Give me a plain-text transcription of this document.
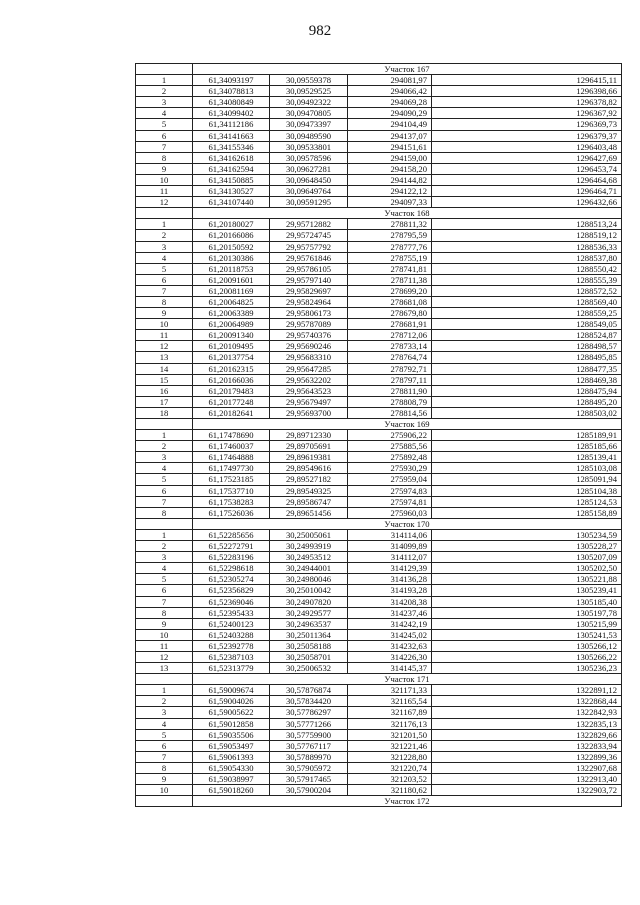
982
	Участок 167			
1	61,34093197	30,09559378	294081,97	1296415,11
2	61,34078813	30,09529525	294066,42	1296398,66
3	61,34080849	30,09492322	294069,28	1296378,82
4	61,34099402	30,09470805	294090,29	1296367,92
5	61,34112186	30,09473397	294104,49	1296369,73
6	61,34141663	30,09489590	294137,07	1296379,37
7	61,34155346	30,09533801	294151,61	1296403,48
8	61,34162618	30,09578596	294159,00	1296427,69
9	61,34162594	30,09627281	294158,20	1296453,74
10	61,34150885	30,09648450	294144,82	1296464,68
11	61,34130527	30,09649764	294122,12	1296464,71
12	61,34107440	30,09591295	294097,33	1296432,66
	Участок 168			
1	61,20180027	29,95712882	278811,32	1288513,24
2	61,20166086	29,95724745	278795,59	1288519,12
3	61,20150592	29,95757792	278777,76	1288536,33
4	61,20130386	29,95761846	278755,19	1288537,80
5	61,20118753	29,95786105	278741,81	1288550,42
6	61,20091601	29,95797140	278711,38	1288555,39
7	61,20081169	29,95829697	278699,20	1288572,52
8	61,20064825	29,95824964	278681,08	1288569,40
9	61,20063389	29,95806173	278679,80	1288559,25
10	61,20064989	29,95787089	278681,91	1288549,05
11	61,20091340	29,95740376	278712,06	1288524,87
12	61,20109495	29,95690246	278733,14	1288498,57
13	61,20137754	29,95683310	278764,74	1288495,85
14	61,20162315	29,95647285	278792,71	1288477,35
15	61,20166036	29,95632202	278797,11	1288469,38
16	61,20179483	29,95643523	278811,90	1288475,94
17	61,20177248	29,95679497	278808,79	1288495,20
18	61,20182641	29,95693700	278814,56	1288503,02
	Участок 169			
1	61,17478690	29,89712330	275906,22	1285189,91
2	61,17460037	29,89705691	275885,56	1285185,66
3	61,17464888	29,89619381	275892,48	1285139,41
4	61,17497730	29,89549616	275930,29	1285103,08
5	61,17523185	29,89527182	275959,04	1285091,94
6	61,17537710	29,89549325	275974,83	1285104,38
7	61,17538283	29,89586747	275974,81	1285124,53
8	61,17526036	29,89651456	275960,03	1285158,89
	Участок 170			
1	61,52285656	30,25005061	314114,06	1305234,59
2	61,52272791	30,24993919	314099,89	1305228,27
3	61,52283196	30,24953512	314112,07	1305207,09
4	61,52298618	30,24944001	314129,39	1305202,50
5	61,52305274	30,24980046	314136,28	1305221,88
6	61,52356829	30,25010042	314193,28	1305239,41
7	61,52369046	30,24907820	314208,38	1305185,40
8	61,52395433	30,24929577	314237,46	1305197,78
9	61,52400123	30,24963537	314242,19	1305215,99
10	61,52403288	30,25011364	314245,02	1305241,53
11	61,52392778	30,25058188	314232,63	1305266,12
12	61,52387103	30,25058701	314226,30	1305266,22
13	61,52313779	30,25006532	314145,37	1305236,23
	Участок 171			
1	61,59009674	30,57876874	321171,33	1322891,12
2	61,59004026	30,57834420	321165,54	1322868,44
3	61,59005622	30,57786297	321167,89	1322842,93
4	61,59012858	30,57771266	321176,13	1322835,13
5	61,59035506	30,57759900	321201,50	1322829,66
6	61,59053497	30,57767117	321221,46	1322833,94
7	61,59061393	30,57889970	321228,80	1322899,36
8	61,59054330	30,57905972	321220,74	1322907,68
9	61,59038997	30,57917465	321203,52	1322913,40
10	61,59018260	30,57900204	321180,62	1322903,72
	Участок 172			
